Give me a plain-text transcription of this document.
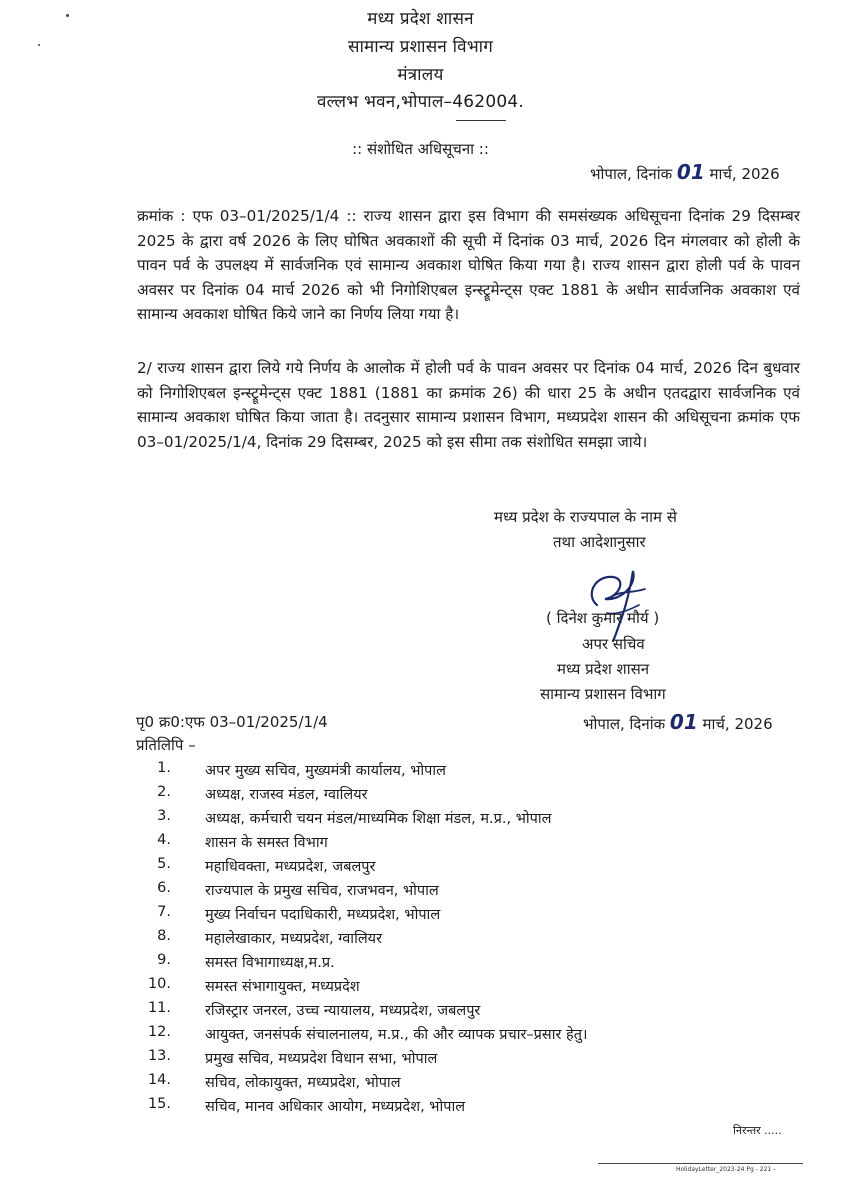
मध्य प्रदेश शासन
सामान्य प्रशासन विभाग
मंत्रालय
वल्लभ भवन,भोपाल–462004.
:: संशोधित अधिसूचना ::
भोपाल, दिनांक 01 मार्च, 2026

क्रमांक : एफ 03–01/2025/1/4 :: राज्य शासन द्वारा इस विभाग की समसंख्यक अधिसूचना दिनांक 29 दिसम्बर 2025 के द्वारा वर्ष 2026 के लिए घोषित अवकाशों की सूची में दिनांक 03 मार्च, 2026 दिन मंगलवार को होली के पावन पर्व के उपलक्ष्य में सार्वजनिक एवं सामान्य अवकाश घोषित किया गया है। राज्य शासन द्वारा होली पर्व के पावन अवसर पर दिनांक 04 मार्च 2026 को भी निगोशिएबल इन्स्ट्रूमेन्ट्स एक्ट 1881 के अधीन सार्वजनिक अवकाश एवं सामान्य अवकाश घोषित किये जाने का निर्णय लिया गया है।

2/ राज्य शासन द्वारा लिये गये निर्णय के आलोक में होली पर्व के पावन अवसर पर दिनांक 04 मार्च, 2026 दिन बुधवार को निगोशिएबल इन्स्ट्रूमेन्ट्स एक्ट 1881 (1881 का क्रमांक 26) की धारा 25 के अधीन एतदद्वारा सार्वजनिक एवं सामान्य अवकाश घोषित किया जाता है। तदनुसार सामान्य प्रशासन विभाग, मध्यप्रदेश शासन की अधिसूचना क्रमांक एफ 03–01/2025/1/4, दिनांक 29 दिसम्बर, 2025 को इस सीमा तक संशोधित समझा जाये।

मध्य प्रदेश के राज्यपाल के नाम से
तथा आदेशानुसार
( दिनेश कुमार मौर्य )
अपर सचिव
मध्य प्रदेश शासन
सामान्य प्रशासन विभाग
पृ0 क्र0:एफ 03–01/2025/1/4	भोपाल, दिनांक 01 मार्च, 2026
प्रतिलिपि –
1. अपर मुख्य सचिव, मुख्यमंत्री कार्यालय, भोपाल
2. अध्यक्ष, राजस्व मंडल, ग्वालियर
3. अध्यक्ष, कर्मचारी चयन मंडल/माध्यमिक शिक्षा मंडल, म.प्र., भोपाल
4. शासन के समस्त विभाग
5. महाधिवक्ता, मध्यप्रदेश, जबलपुर
6. राज्यपाल के प्रमुख सचिव, राजभवन, भोपाल
7. मुख्य निर्वाचन पदाधिकारी, मध्यप्रदेश, भोपाल
8. महालेखाकार, मध्यप्रदेश, ग्वालियर
9. समस्त विभागाध्यक्ष,म.प्र.
10. समस्त संभागायुक्त, मध्यप्रदेश
11. रजिस्ट्रार जनरल, उच्च न्यायालय, मध्यप्रदेश, जबलपुर
12. आयुक्त, जनसंपर्क संचालनालय, म.प्र., की और व्यापक प्रचार–प्रसार हेतु।
13. प्रमुख सचिव, मध्यप्रदेश विधान सभा, भोपाल
14. सचिव, लोकायुक्त, मध्यप्रदेश, भोपाल
15. सचिव, मानव अधिकार आयोग, मध्यप्रदेश, भोपाल
निरन्तर .....
HolidayLetter_2023-24 Pg - 221 -
